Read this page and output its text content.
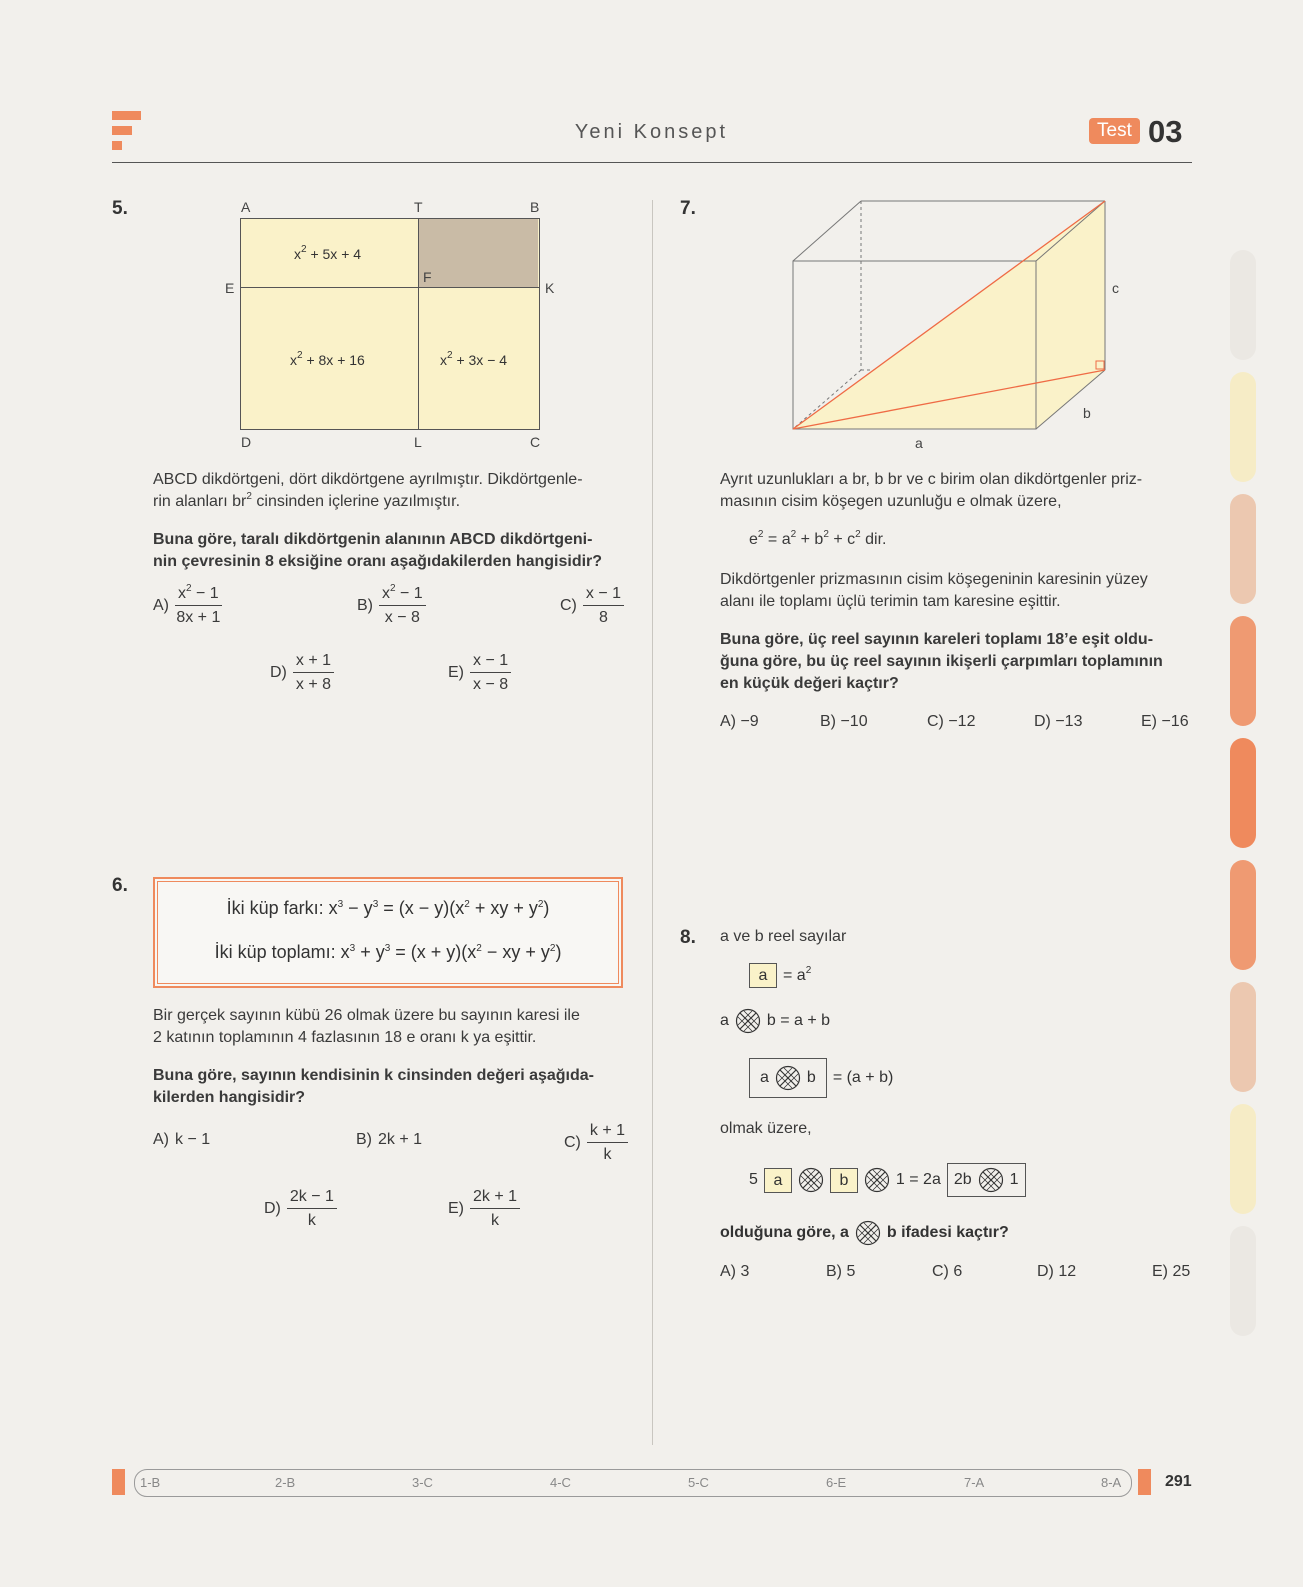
Yeni Konsept	Test 03
5.	A	T	B
E
F
K
D	L	C
$x^2 + 5x + 4$
$x^2 + 8x + 16$	$x^2 + 3x - 4$
ABCD dikdörtgeni, dört dikdörtgene ayrılmıştır. Dikdörtgenle-
rin alanları $br^2$ cinsinden içlerine yazılmıştır.
Buna göre, taralı dikdörtgenin alanının ABCD dikdörtgeni-
nin çevresinin 8 eksiğine oranı aşağıdakilerden hangisidir?
$A) \frac{x^2 - 1}{8x + 1}$	$B) \frac{x^2 - 1}{x - 8}$	$C) \frac{x - 1}{8}$
$D) \frac{x + 1}{x + 8}$	$E) \frac{x - 1}{x - 8}$
6.
İki küp farkı: $x^3 - y^3 = (x - y)(x^2$ + xy + $y^2$)
İki küp toplamı: $x^3 + y^3 = (x + y)(x^2$ − xy + $y^2$)
Bir gerçek sayının kübü 26 olmak üzere bu sayının karesi ile
2 katının toplamının 4 fazlasının 18 e oranı k ya eşittir.
Buna göre, sayının kendisinin k cinsinden değeri aşağıda-
kilerden hangisidir?
A) k − 1	B) 2k + 1	$C) \frac{k + 1}{k}$
$D) \frac{2k - 1}{k}$	$E) \frac{2k + 1}{k}$
7.
a
b
c
Ayrıt uzunlukları a br, b br ve c birim olan dikdörtgenler priz-
masının cisim köşegen uzunluğu e olmak üzere,
$e^2 = a^2 + b^2 + c^2$ dir.
Dikdörtgenler prizmasının cisim köşegeninin karesinin yüzey
alanı ile toplamı üçlü terimin tam karesine eşittir.
Buna göre, üç reel sayının kareleri toplamı 18’e eşit oldu-
ğuna göre, bu üç reel sayının ikişerli çarpımları toplamının
en küçük değeri kaçtır?
A) −9	B) −10	C) −12	D) −13	E) −16
8. a ve b reel sayılar
$a = a^2$
a b = a + b
a b = (a + b)
olmak üzere,
5 a	b	1 = 2a 2b 1
olduğuna göre, a b ifadesi kaçtır?
A) 3	B) 5	C) 6	D) 12	E) 25
1-B	2-B	3-C	4-C	5-C	6-E	7-A	8-A	291
